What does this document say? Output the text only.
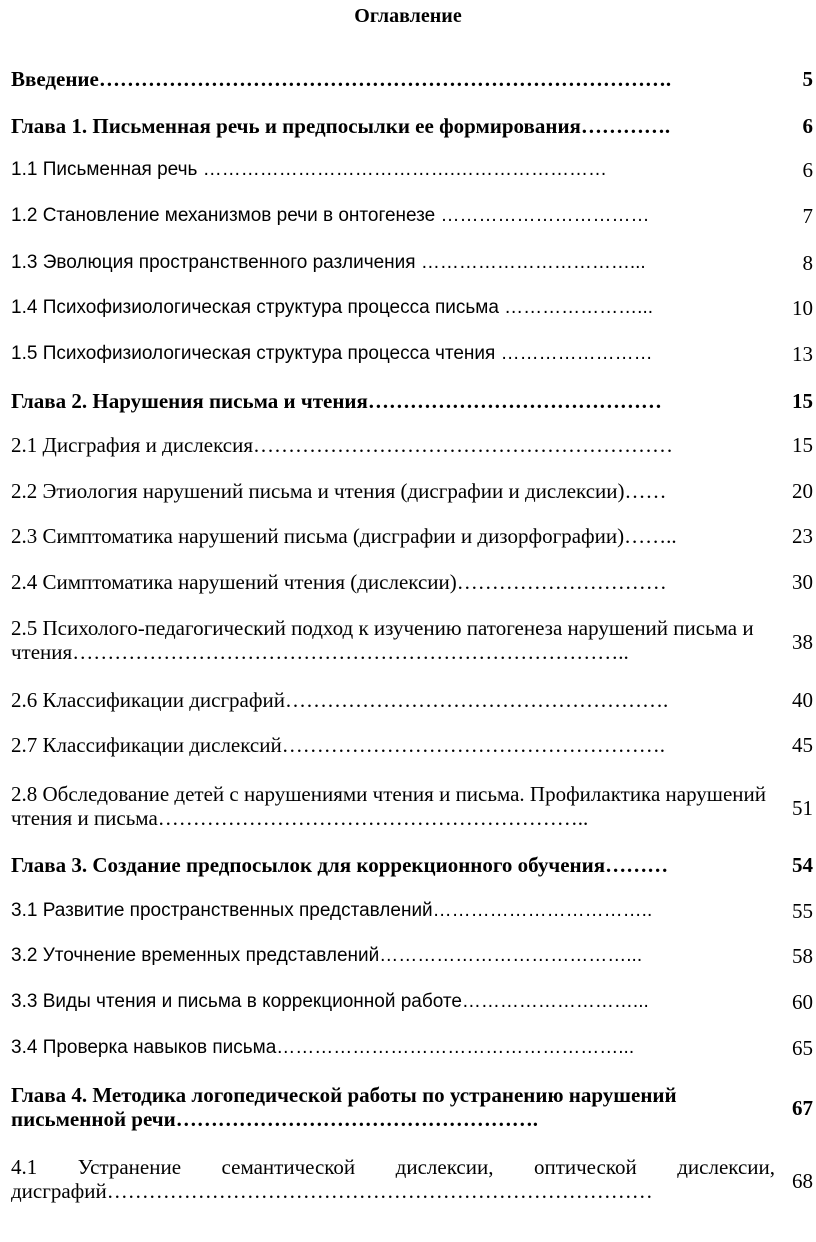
Оглавление
Введение……………………………………………………………………….	5
Глава 1. Письменная речь и предпосылки ее формирования………….	6
1.1 Письменная речь ………………………………….……………………	6
1.2 Становление механизмов речи в онтогенезе ……………………………	7
1.3 Эволюция пространственного различения ……………………………...	8
1.4 Психофизиологическая структура процесса письма …………………...	10
1.5 Психофизиологическая структура процесса чтения ……………………	13
Глава 2. Нарушения письма и чтения……………………………………	15
2.1 Дисграфия и дислексия……………………………………………………	15
2.2 Этиология нарушений письма и чтения (дисграфии и дислексии)……	20
2.3 Симптоматика нарушений письма (дисграфии и дизорфографии)……..	23
2.4 Симптоматика нарушений чтения (дислексии)…………………………	30
2.5 Психолого-педагогический подход к изучению патогенеза нарушений письма и чтения……………………………………………………………………..	38
2.6 Классификации дисграфий……………………………………………….	40
2.7 Классификации дислексий……………………………………………….	45
2.8 Обследование детей с нарушениями чтения и письма. Профилактика нарушений чтения и письма……………………………………………………..	51
Глава 3. Создание предпосылок для коррекционного обучения………	54
3.1 Развитие пространственных представлений……………………………..	55
3.2 Уточнение временных представлений…………………………………...	58
3.3 Виды чтения и письма в коррекционной работе………………………...	60
3.4 Проверка навыков письма………………………………………………...	65
Глава 4. Методика логопедической работы по устранению нарушений письменной речи…………………………………………….	67
4.1 Устранение семантической дислексии, оптической дислексии, дисграфий……………………………………………………………………	68
